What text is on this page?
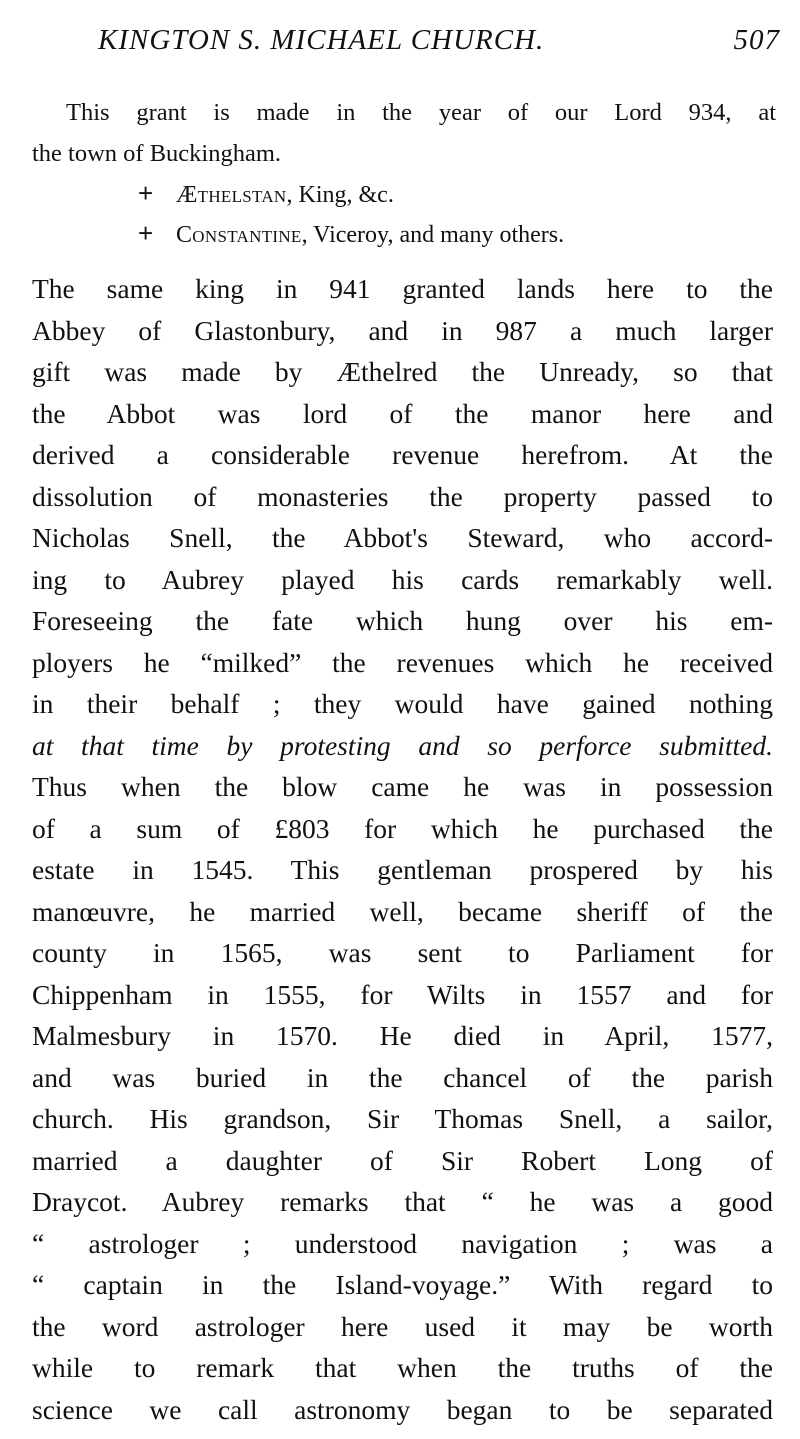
KINGTON S. MICHAEL CHURCH.	507
This grant is made in the year of our Lord 934, at
the town of Buckingham.
+ Æthelstan, King, &c.
+ Constantine, Viceroy, and many others.
The same king in 941 granted lands here to the
Abbey of Glastonbury, and in 987 a much larger
gift was made by Æthelred the Unready, so that
the Abbot was lord of the manor here and
derived a considerable revenue herefrom. At the
dissolution of monasteries the property passed to
Nicholas Snell, the Abbot's Steward, who accord-
ing to Aubrey played his cards remarkably well.
Foreseeing the fate which hung over his em-
ployers he “milked” the revenues which he received
in their behalf ; they would have gained nothing
at that time by protesting and so perforce submitted.
Thus when the blow came he was in possession
of a sum of £803 for which he purchased the
estate in 1545. This gentleman prospered by his
manœuvre, he married well, became sheriff of the
county in 1565, was sent to Parliament for
Chippenham in 1555, for Wilts in 1557 and for
Malmesbury in 1570. He died in April, 1577,
and was buried in the chancel of the parish
church. His grandson, Sir Thomas Snell, a sailor,
married a daughter of Sir Robert Long of
Draycot. Aubrey remarks that “ he was a good
“ astrologer ; understood navigation ; was a
“ captain in the Island-voyage.” With regard to
the word astrologer here used it may be worth
while to remark that when the truths of the
science we call astronomy began to be separated
